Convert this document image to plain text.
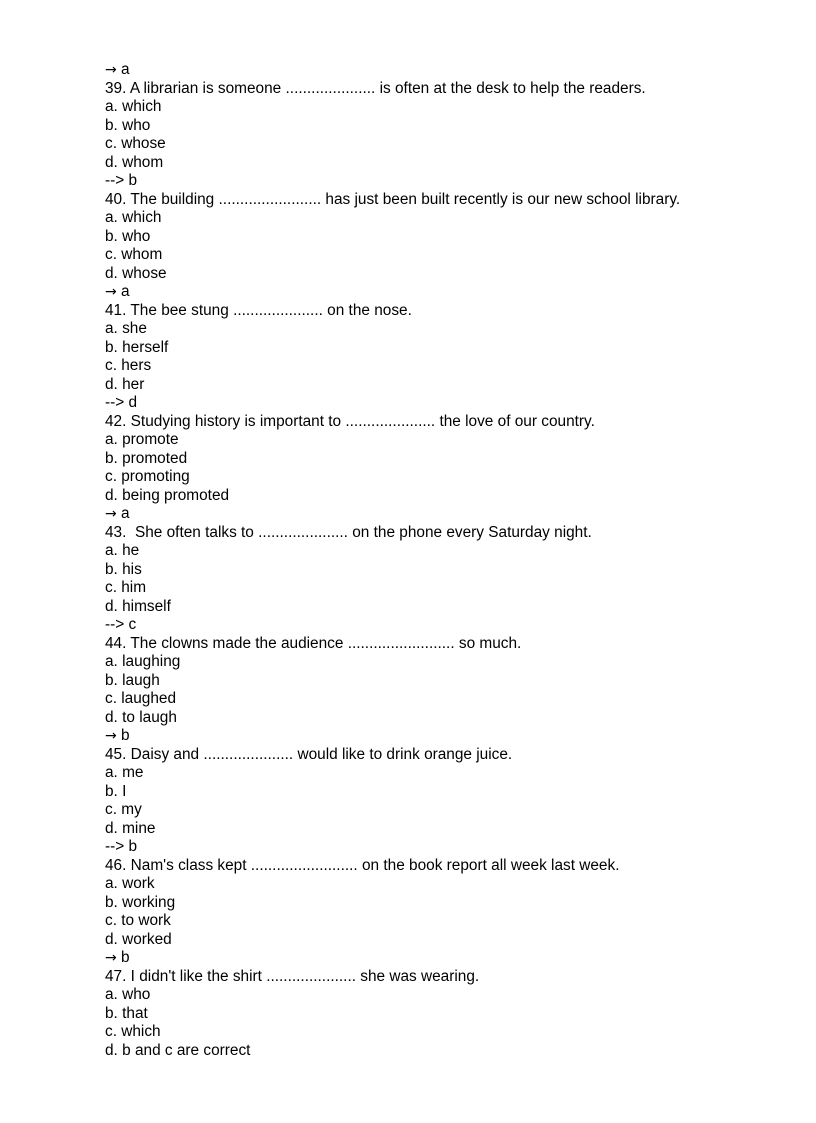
→ a
39. A librarian is someone ..................... is often at the desk to help the readers.
a. which
b. who
c. whose
d. whom
--> b
40. The building ........................ has just been built recently is our new school library.
a. which
b. who
c. whom
d. whose
→ a
41. The bee stung ..................... on the nose.
a. she
b. herself
c. hers
d. her
--> d
42. Studying history is important to ..................... the love of our country.
a. promote
b. promoted
c. promoting
d. being promoted
→ a
43.  She often talks to ..................... on the phone every Saturday night.
a. he
b. his
c. him
d. himself
--> c
44. The clowns made the audience ......................... so much.
a. laughing
b. laugh
c. laughed
d. to laugh
→ b
45. Daisy and ..................... would like to drink orange juice.
a. me
b. I
c. my
d. mine
--> b
46. Nam's class kept ......................... on the book report all week last week.
a. work
b. working
c. to work
d. worked
→ b
47. I didn't like the shirt ..................... she was wearing.
a. who
b. that
c. which
d. b and c are correct
